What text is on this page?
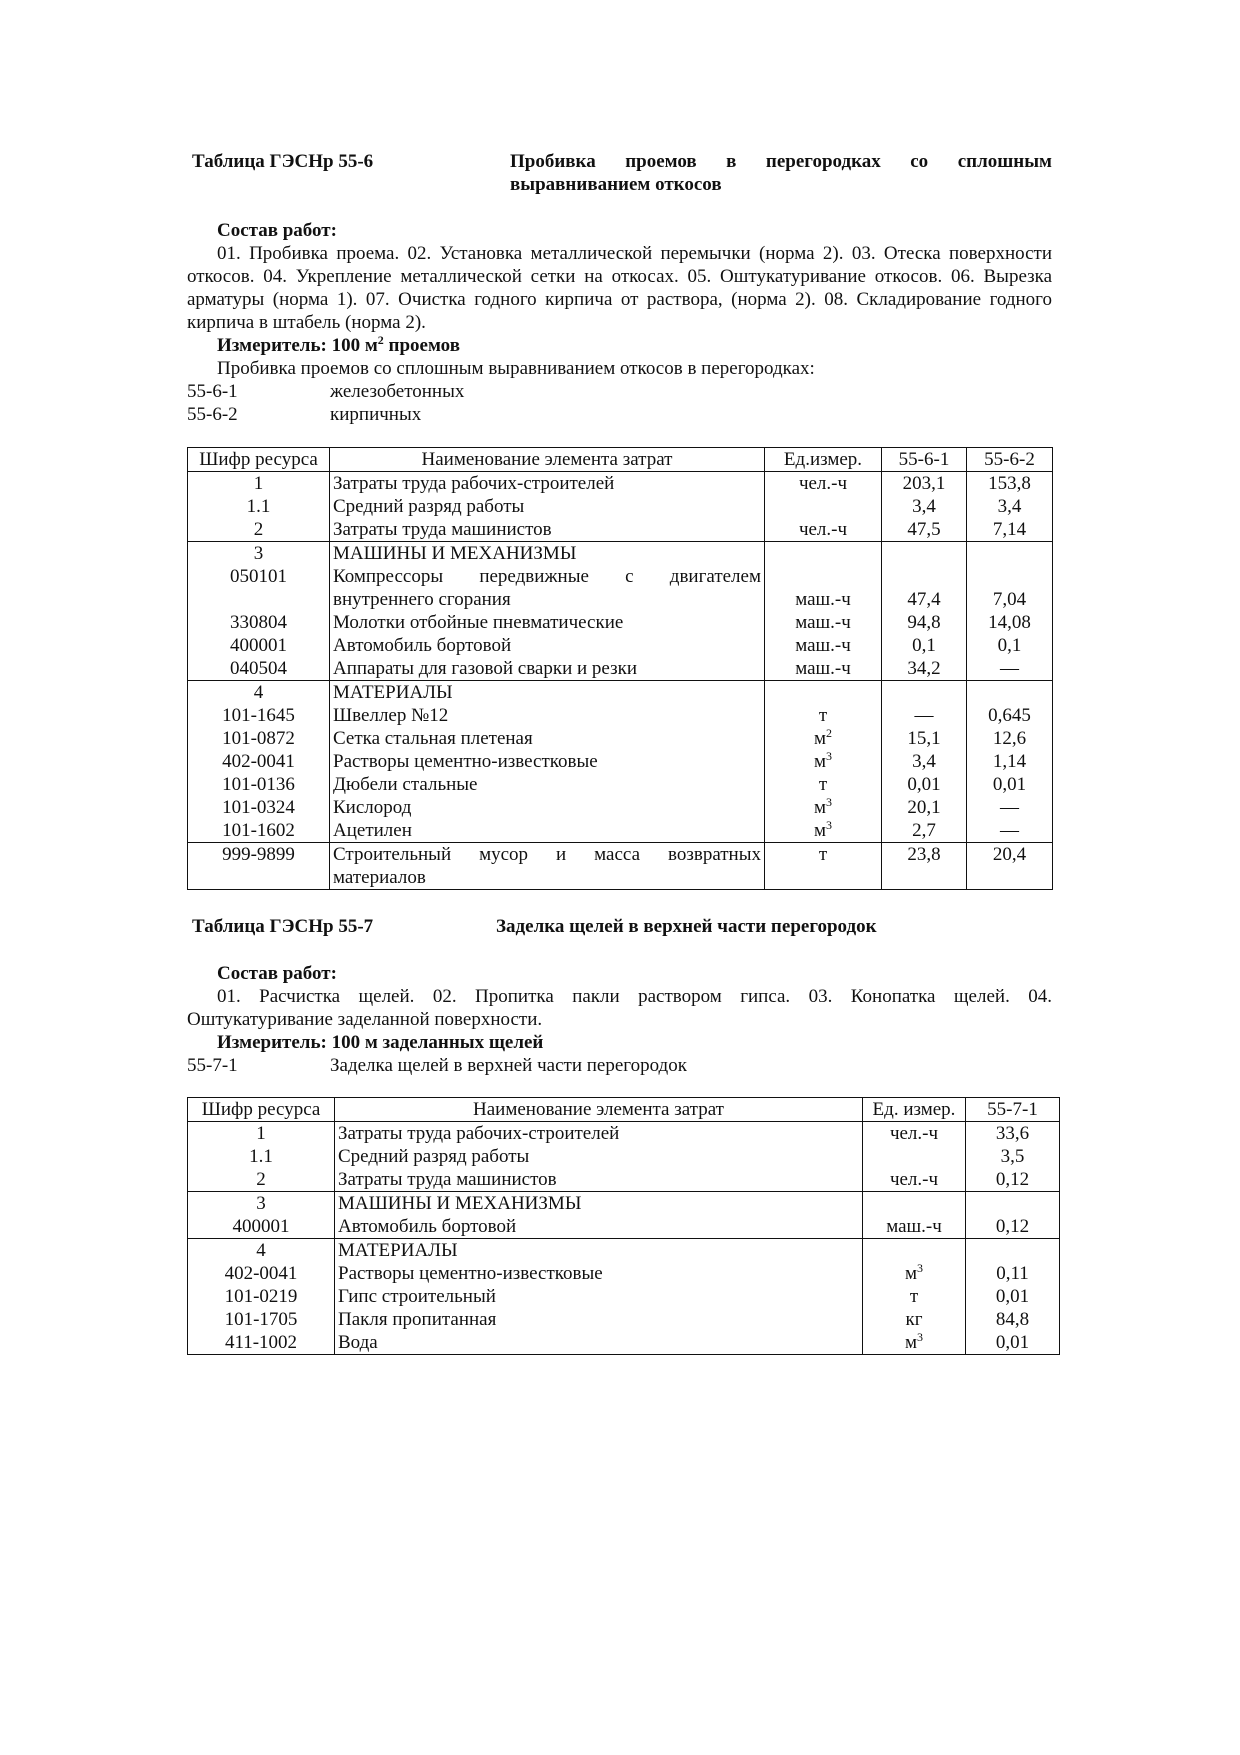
Таблица ГЭСНр 55-6	Пробивка проемов в перегородках со сплошным выравниванием откосов
Состав работ:

01. Пробивка проема. 02. Установка металлической перемычки (норма 2). 03. Отеска поверхности откосов. 04. Укрепление металлической сетки на откосах. 05. Оштукатуривание откосов. 06. Вырезка арматуры (норма 1). 07. Очистка годного кирпича от раствора, (норма 2). 08. Складирование годного кирпича в штабель (норма 2).

Измеритель: 100 $м^2$ проемов
Пробивка проемов со сплошным выравниванием откосов в перегородках:
55-6-1	железобетонных
55-6-2	кирпичных
Шифр ресурса	Наименование элемента затрат	Ед.измер.	55-6-1	55-6-2
1	Затраты труда рабочих-строителей	чел.-ч	203,1	153,8
1.1	Средний разряд работы		3,4	3,4
2	Затраты труда машинистов	чел.-ч	47,5	7,14
3	МАШИНЫ И МЕХАНИЗМЫ			
050101	Компрессоры передвижные с двигателем внутреннего сгорания	маш.-ч	47,4	7,04
330804	Молотки отбойные пневматические	маш.-ч	94,8	14,08
400001	Автомобиль бортовой	маш.-ч	0,1	0,1
040504	Аппараты для газовой сварки и резки	маш.-ч	34,2	—
4	МАТЕРИАЛЫ			
101-1645	Швеллер №12	т	—	0,645
101-0872	Сетка стальная плетеная	$м^2$	15,1	12,6
402-0041	Растворы цементно-известковые	$м^3$	3,4	1,14
101-0136	Дюбели стальные	т	0,01	0,01
101-0324	Кислород	$м^3$	20,1	—
101-1602	Ацетилен	$м^3$	2,7	—
999-9899	Строительный мусор и масса возвратных материалов	т	23,8	20,4
Таблица ГЭСНр 55-7	Заделка щелей в верхней части перегородок
Состав работ:

01. Расчистка щелей. 02. Пропитка пакли раствором гипса. 03. Конопатка щелей. 04. Оштукатуривание заделанной поверхности.

Измеритель: 100 м заделанных щелей
55-7-1	Заделка щелей в верхней части перегородок
Шифр ресурса	Наименование элемента затрат	Ед. измер.	55-7-1
1	Затраты труда рабочих-строителей	чел.-ч	33,6
1.1	Средний разряд работы		3,5
2	Затраты труда машинистов	чел.-ч	0,12
3	МАШИНЫ И МЕХАНИЗМЫ		
400001	Автомобиль бортовой	маш.-ч	0,12
4	МАТЕРИАЛЫ		
402-0041	Растворы цементно-известковые	$м^3$	0,11
101-0219	Гипс строительный	т	0,01
101-1705	Пакля пропитанная	кг	84,8
411-1002	Вода	$м^3$	0,01
